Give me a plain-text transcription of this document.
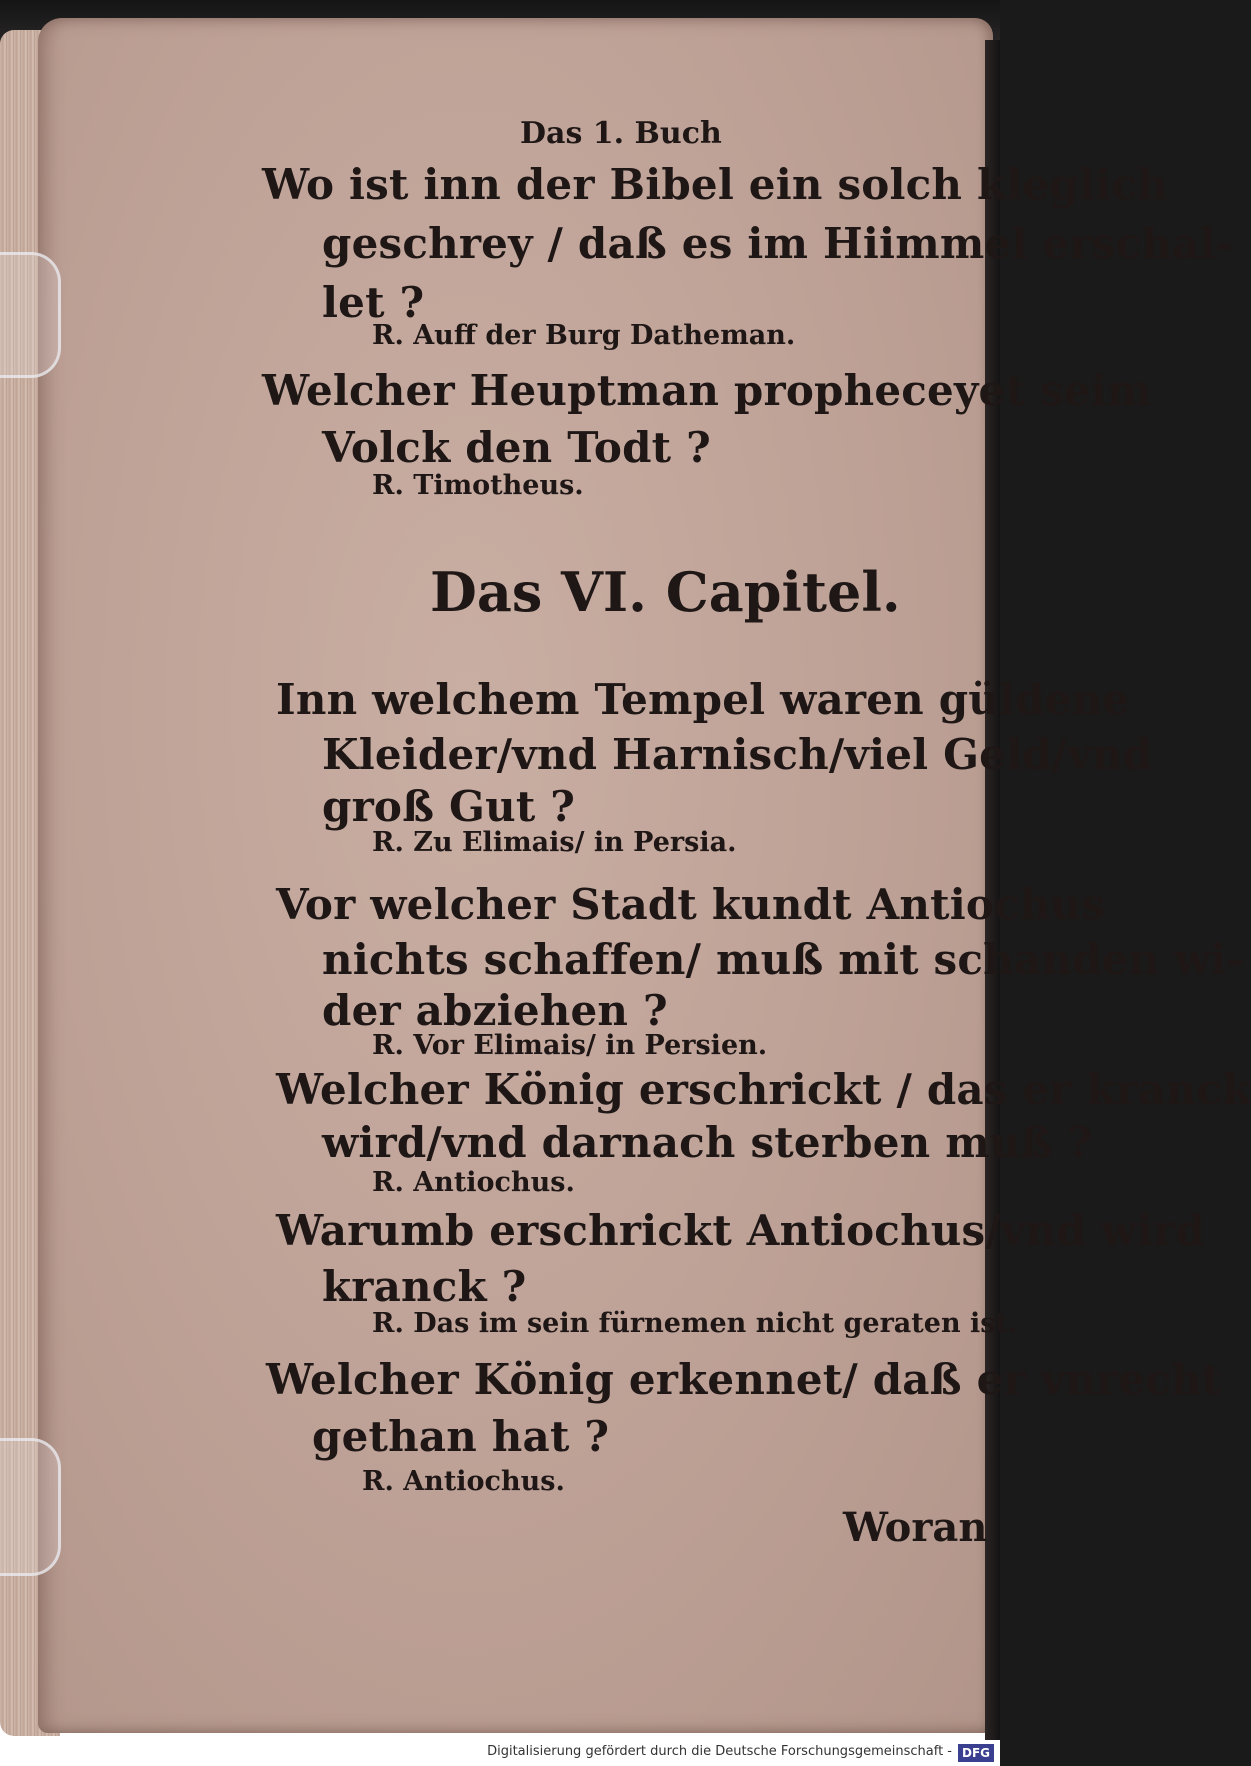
Das 1. Buch
Wo ist inn der Bibel ein solch kleglich
geschrey / daß es im Hiimmel erschal-
let ?
R. Auff der Burg Datheman.
Welcher Heuptman propheceyet seim
Volck den Todt ?
R. Timotheus.
Das VI. Capitel.
Inn welchem Tempel waren güldene
Kleider/vnd Harnisch/viel Geld/vnd
groß Gut ?
R. Zu Elimais/ in Persia.
Vor welcher Stadt kundt Antiochus
nichts schaffen/ muß mit schanden wi-
der abziehen ?
R. Vor Elimais/ in Persien.
Welcher König erschrickt / das er kranck
wird/vnd darnach sterben muß ?
R. Antiochus.
Warumb erschrickt Antiochus/vnd wird
kranck ?
R. Das im sein fürnemen nicht geraten ist.
Welcher König erkennet/ daß er vnrecht
gethan hat ?
R. Antiochus.
Woran
Digitalisierung gefördert durch die Deutsche Forschungsgemeinschaft - DFG
